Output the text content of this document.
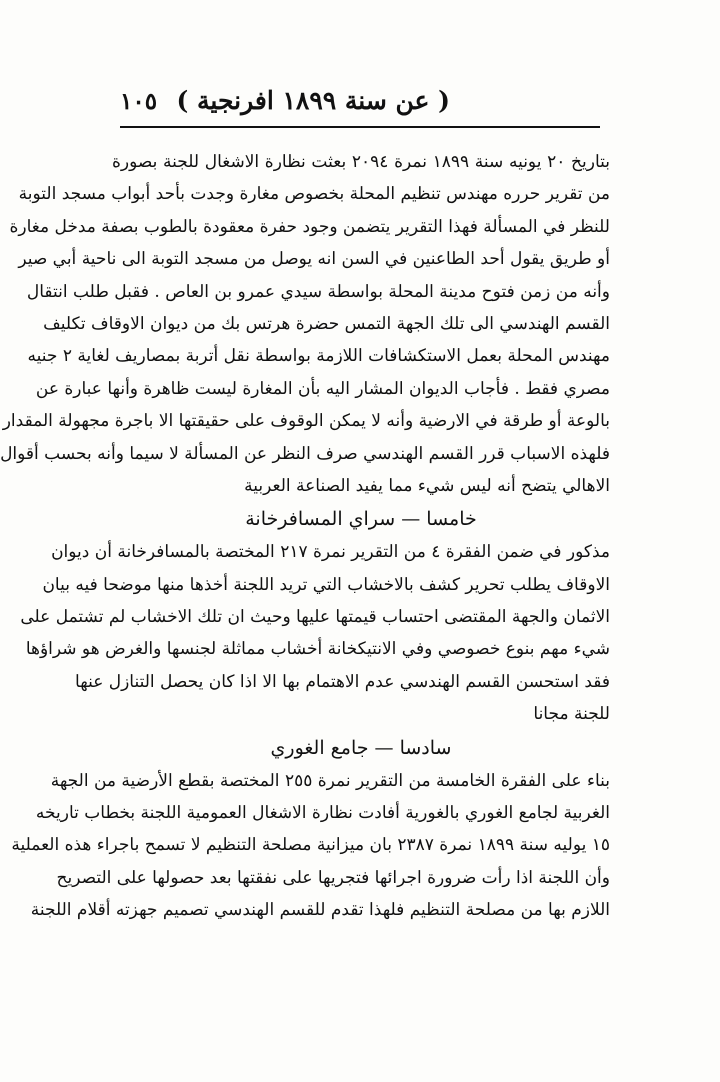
( عن سنة ۱۸۹۹ افرنجية )
١٠٥
بتاريخ ٢٠ يونيه سنة ١٨٩٩ نمرة ٢٠٩٤ بعثت نظارة الاشغال للجنة بصورة
من تقرير حرره مهندس تنظيم المحلة بخصوص مغارة وجدت بأحد أبواب مسجد التوبة
للنظر في المسألة فهذا التقرير يتضمن وجود حفرة معقودة بالطوب بصفة مدخل مغارة
أو طريق يقول أحد الطاعنين في السن انه يوصل من مسجد التوبة الى ناحية أبي صير
وأنه من زمن فتوح مدينة المحلة بواسطة سيدي عمرو بن العاص . فقبل طلب انتقال
القسم الهندسي الى تلك الجهة التمس حضرة هرتس بك من ديوان الاوقاف تكليف
مهندس المحلة بعمل الاستكشافات اللازمة بواسطة نقل أتربة بمصاريف لغاية ٢ جنيه
مصري فقط . فأجاب الديوان المشار اليه بأن المغارة ليست ظاهرة وأنها عبارة عن
بالوعة أو طرقة في الارضية وأنه لا يمكن الوقوف على حقيقتها الا باجرة مجهولة المقدار
فلهذه الاسباب قرر القسم الهندسي صرف النظر عن المسألة لا سيما وأنه بحسب أقوال
الاهالي يتضح أنه ليس شيء مما يفيد الصناعة العربية
خامسا — سراي المسافرخانة
مذكور في ضمن الفقرة ٤ من التقرير نمرة ٢١٧ المختصة بالمسافرخانة أن ديوان
الاوقاف يطلب تحرير كشف بالاخشاب التي تريد اللجنة أخذها منها موضحا فيه بيان
الاثمان والجهة المقتضى احتساب قيمتها عليها وحيث ان تلك الاخشاب لم تشتمل على
شيء مهم بنوع خصوصي وفي الانتيكخانة أخشاب مماثلة لجنسها والغرض هو شراؤها
فقد استحسن القسم الهندسي عدم الاهتمام بها الا اذا كان يحصل التنازل عنها
للجنة مجانا
سادسا — جامع الغوري
بناء على الفقرة الخامسة من التقرير نمرة ٢٥٥ المختصة بقطع الأرضية من الجهة
الغربية لجامع الغوري بالغورية أفادت نظارة الاشغال العمومية اللجنة بخطاب تاريخه
١٥ يوليه سنة ١٨٩٩ نمرة ٢٣٨٧ بان ميزانية مصلحة التنظيم لا تسمح باجراء هذه العملية
وأن اللجنة اذا رأت ضرورة اجرائها فتجريها على نفقتها بعد حصولها على التصريح
اللازم بها من مصلحة التنظيم فلهذا تقدم للقسم الهندسي تصميم جهزته أقلام اللجنة
